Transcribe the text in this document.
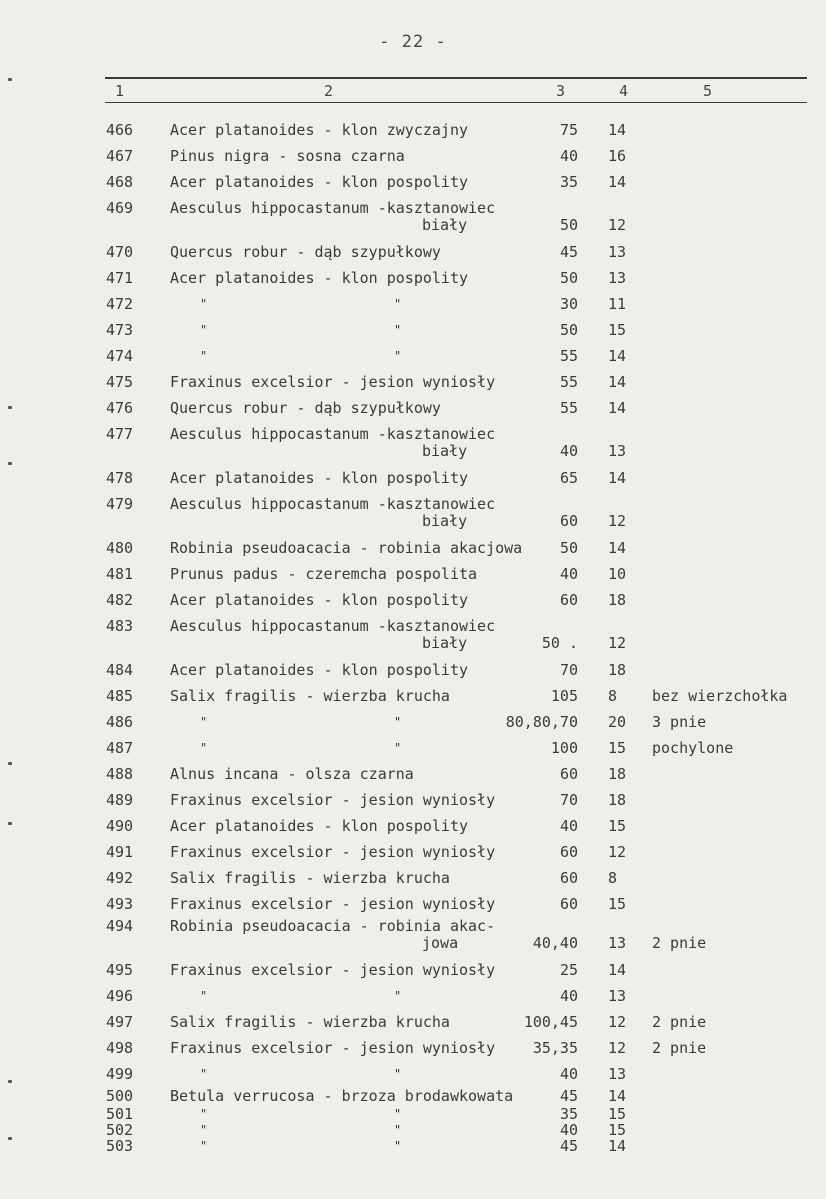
- 22 -
1	2	3	4	5
466 Acer platanoides - klon zwyczajny	75 14
467 Pinus nigra - sosna czarna	40 16
468 Acer platanoides - klon pospolity	35 14
469 Aesculus hippocastanum -kasztanowiec
biały	50 12
470 Quercus robur - dąb szypułkowy	45 13
471 Acer platanoides - klon pospolity	50 13
472	"	"	30 11
473	"	"	50 15
474	"	"	55 14
475 Fraxinus excelsior - jesion wyniosły	55 14
476 Quercus robur - dąb szypułkowy	55 14
477 Aesculus hippocastanum -kasztanowiec
biały	40 13
478 Acer platanoides - klon pospolity	65 14
479 Aesculus hippocastanum -kasztanowiec
biały	60 12
480 Robinia pseudoacacia - robinia akacjowa	50 14
481 Prunus padus - czeremcha pospolita	40 10
482 Acer platanoides - klon pospolity	60 18
483 Aesculus hippocastanum -kasztanowiec
biały	50 . 12
484 Acer platanoides - klon pospolity	70 18
485 Salix fragilis - wierzba krucha	105 8 bez wierzchołka
486	"	"	80,80,70 20 3 pnie
487	"	"	100 15 pochylone
488 Alnus incana - olsza czarna	60 18
489 Fraxinus excelsior - jesion wyniosły	70 18
490 Acer platanoides - klon pospolity	40 15
491 Fraxinus excelsior - jesion wyniosły	60 12
492 Salix fragilis - wierzba krucha	60 8
493 Fraxinus excelsior - jesion wyniosły	60 15
494 Robinia pseudoacacia - robinia akac-
jowa	40,40 13 2 pnie
495 Fraxinus excelsior - jesion wyniosły	25 14
496	"	"	40 13
497 Salix fragilis - wierzba krucha	100,45 12 2 pnie
498 Fraxinus excelsior - jesion wyniosły	35,35 12 2 pnie
499	"	"	40 13
500 Betula verrucosa - brzoza brodawkowata	45 14
501	"	"	35 15
502	"	"	40 15
503	"	"	45 14
